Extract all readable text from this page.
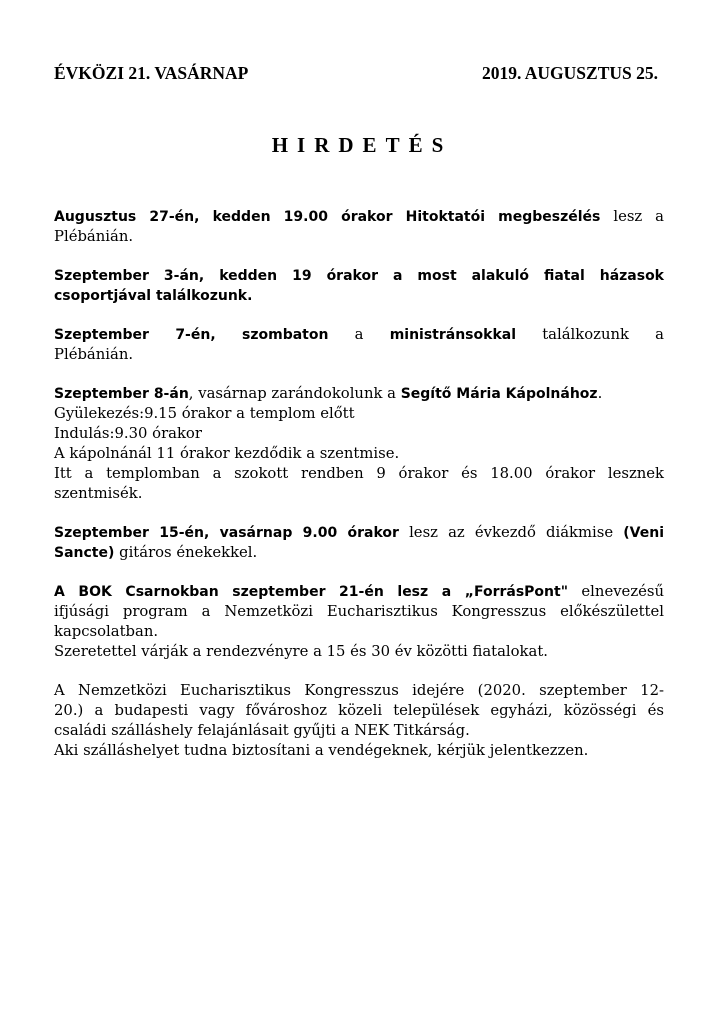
ÉVKÖZI 21. VASÁRNAP	2019. AUGUSZTUS 25.
HIRDETÉS
Augusztus 27-én, kedden 19.00 órakor Hitoktatói megbeszélés lesz a
Plébánián.
Szeptember 3-án, kedden 19 órakor a most alakuló fiatal házasok
csoportjával találkozunk.
Szeptember 7-én, szombaton a ministránsokkal találkozunk a
Plébánián.
Szeptember 8-án, vasárnap zarándokolunk a Segítő Mária Kápolnához.
Gyülekezés:9.15 órakor a templom előtt
Indulás:9.30 órakor
A kápolnánál 11 órakor kezdődik a szentmise.
Itt a templomban a szokott rendben 9 órakor és 18.00 órakor lesznek
szentmisék.
Szeptember 15-én, vasárnap 9.00 órakor lesz az évkezdő diákmise (Veni
Sancte) gitáros énekekkel.
A BOK Csarnokban szeptember 21-én lesz a „ForrásPont" elnevezésű
ifjúsági program a Nemzetközi Eucharisztikus Kongresszus előkészülettel
kapcsolatban.
Szeretettel várják a rendezvényre a 15 és 30 év közötti fiatalokat.
A Nemzetközi Eucharisztikus Kongresszus idejére (2020. szeptember 12-
20.) a budapesti vagy fővároshoz közeli települések egyházi, közösségi és
családi szálláshely felajánlásait gyűjti a NEK Titkárság.
Aki szálláshelyet tudna biztosítani a vendégeknek, kérjük jelentkezzen.
